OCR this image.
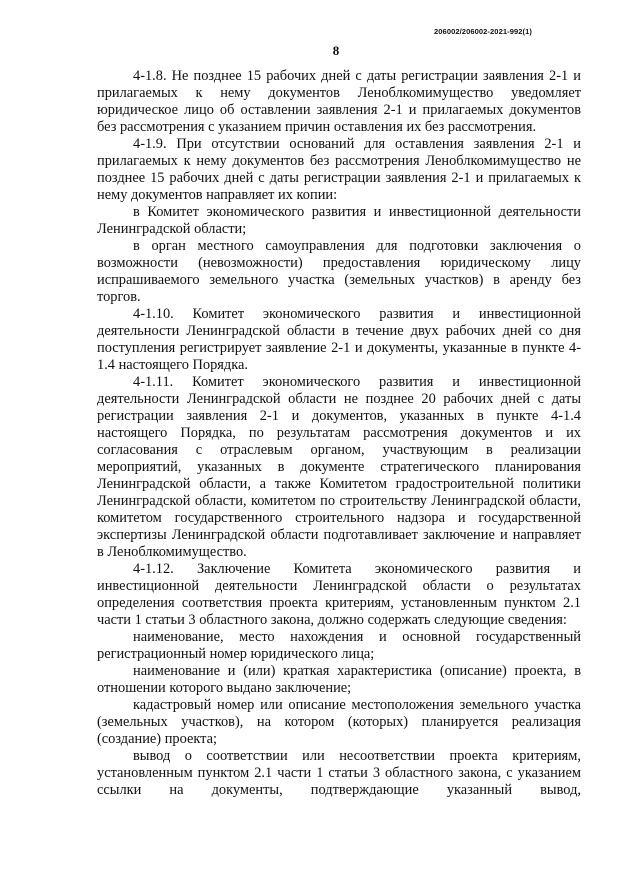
206002/206002-2021-992(1)
8

4-1.8. Не позднее 15 рабочих дней с даты регистрации заявления 2-1 и прилагаемых к нему документов Леноблкомимущество уведомляет юридическое лицо об оставлении заявления 2-1 и прилагаемых документов без рассмотрения с указанием причин оставления их без рассмотрения.

4-1.9. При отсутствии оснований для оставления заявления 2-1 и прилагаемых к нему документов без рассмотрения Леноблкомимущество не позднее 15 рабочих дней с даты регистрации заявления 2-1 и прилагаемых к нему документов направляет их копии:

в Комитет экономического развития и инвестиционной деятельности Ленинградской области;

в орган местного самоуправления для подготовки заключения о возможности (невозможности) предоставления юридическому лицу испрашиваемого земельного участка (земельных участков) в аренду без торгов.

4-1.10. Комитет экономического развития и инвестиционной деятельности Ленинградской области в течение двух рабочих дней со дня поступления регистрирует заявление 2-1 и документы, указанные в пункте 4-1.4 настоящего Порядка.

4-1.11. Комитет экономического развития и инвестиционной деятельности Ленинградской области не позднее 20 рабочих дней с даты регистрации заявления 2-1 и документов, указанных в пункте 4-1.4 настоящего Порядка, по результатам рассмотрения документов и их согласования с отраслевым органом, участвующим в реализации мероприятий, указанных в документе стратегического планирования Ленинградской области, а также Комитетом градостроительной политики Ленинградской области, комитетом по строительству Ленинградской области, комитетом государственного строительного надзора и государственной экспертизы Ленинградской области подготавливает заключение и направляет в Леноблкомимущество.

4-1.12. Заключение Комитета экономического развития и инвестиционной деятельности Ленинградской области о результатах определения соответствия проекта критериям, установленным пунктом 2.1 части 1 статьи 3 областного закона, должно содержать следующие сведения:

наименование, место нахождения и основной государственный регистрационный номер юридического лица;

наименование и (или) краткая характеристика (описание) проекта, в отношении которого выдано заключение;

кадастровый номер или описание местоположения земельного участка (земельных участков), на котором (которых) планируется реализация (создание) проекта;

вывод о соответствии или несоответствии проекта критериям, установленным пунктом 2.1 части 1 статьи 3 областного закона, с указанием ссылки на документы, подтверждающие указанный вывод,
